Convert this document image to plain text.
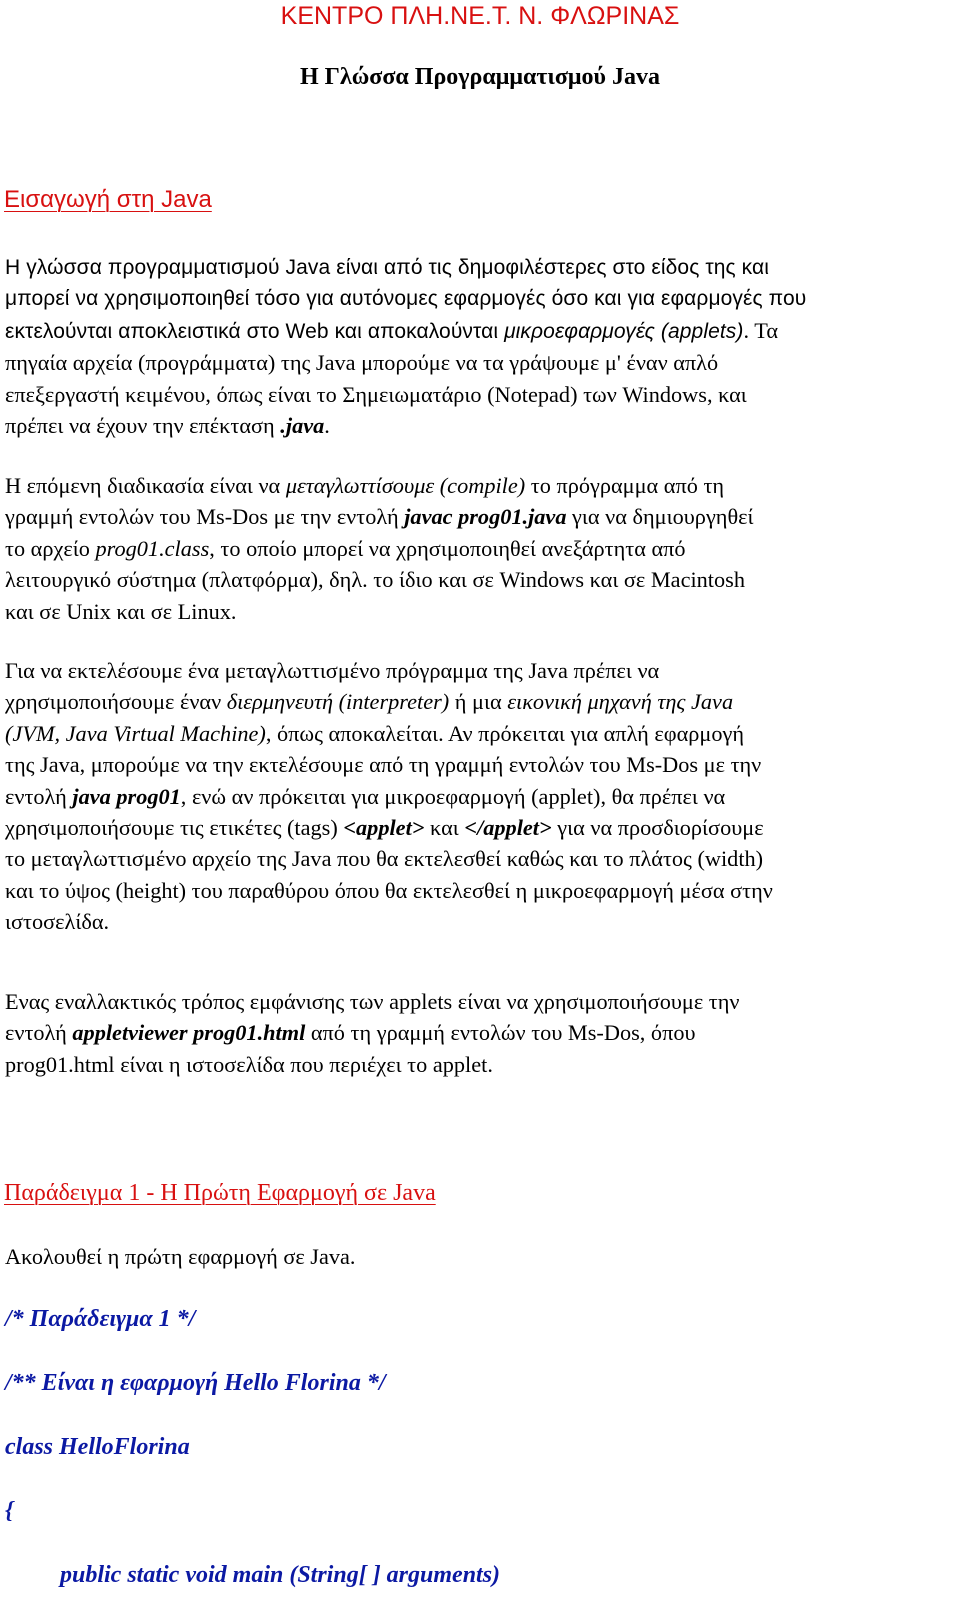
ΚΕΝΤΡΟ ΠΛΗ.ΝΕ.Τ. Ν. ΦΛΩΡΙΝΑΣ
Η Γλώσσα Προγραμματισμού Java
Εισαγωγή στη Java

Η γλώσσα προγραμματισμού Java είναι από τις δημοφιλέστερες στο είδος της και
μπορεί να χρησιμοποιηθεί τόσο για αυτόνομες εφαρμογές όσο και για εφαρμογές που
εκτελούνται αποκλειστικά στο Web και αποκαλούνται μικροεφαρμογές (applets). Τα
πηγαία αρχεία (προγράμματα) της Java μπορούμε να τα γράψουμε μ' έναν απλό
επεξεργαστή κειμένου, όπως είναι το Σημειωματάριο (Notepad) των Windows, και
πρέπει να έχουν την επέκταση .java.

Η επόμενη διαδικασία είναι να μεταγλωττίσουμε (compile) το πρόγραμμα από τη
γραμμή εντολών του Ms-Dos με την εντολή javac prog01.java για να δημιουργηθεί
το αρχείο prog01.class, το οποίο μπορεί να χρησιμοποιηθεί ανεξάρτητα από
λειτουργικό σύστημα (πλατφόρμα), δηλ. το ίδιο και σε Windows και σε Macintosh
και σε Unix και σε Linux.

Για να εκτελέσουμε ένα μεταγλωττισμένο πρόγραμμα της Java πρέπει να
χρησιμοποιήσουμε έναν διερμηνευτή (interpreter) ή μια εικονική μηχανή της Java
(JVM, Java Virtual Machine), όπως αποκαλείται. Αν πρόκειται για απλή εφαρμογή
της Java, μπορούμε να την εκτελέσουμε από τη γραμμή εντολών του Ms-Dos με την
εντολή java prog01, ενώ αν πρόκειται για μικροεφαρμογή (applet), θα πρέπει να
χρησιμοποιήσουμε τις ετικέτες (tags) <applet> και </applet> για να προσδιορίσουμε
το μεταγλωττισμένο αρχείο της Java που θα εκτελεσθεί καθώς και το πλάτος (width)
και το ύψος (height) του παραθύρου όπου θα εκτελεσθεί η μικροεφαρμογή μέσα στην
ιστοσελίδα.

Ενας εναλλακτικός τρόπος εμφάνισης των applets είναι να χρησιμοποιήσουμε την
εντολή appletviewer prog01.html από τη γραμμή εντολών του Ms-Dos, όπου
prog01.html είναι η ιστοσελίδα που περιέχει το applet.

Παράδειγμα 1 - Η Πρώτη Εφαρμογή σε Java
Ακολουθεί η πρώτη εφαρμογή σε Java.
/* Παράδειγμα 1 */
/** Είναι η εφαρμογή Hello Florina */
class HelloFlorina
{
public static void main (String[ ] arguments)
